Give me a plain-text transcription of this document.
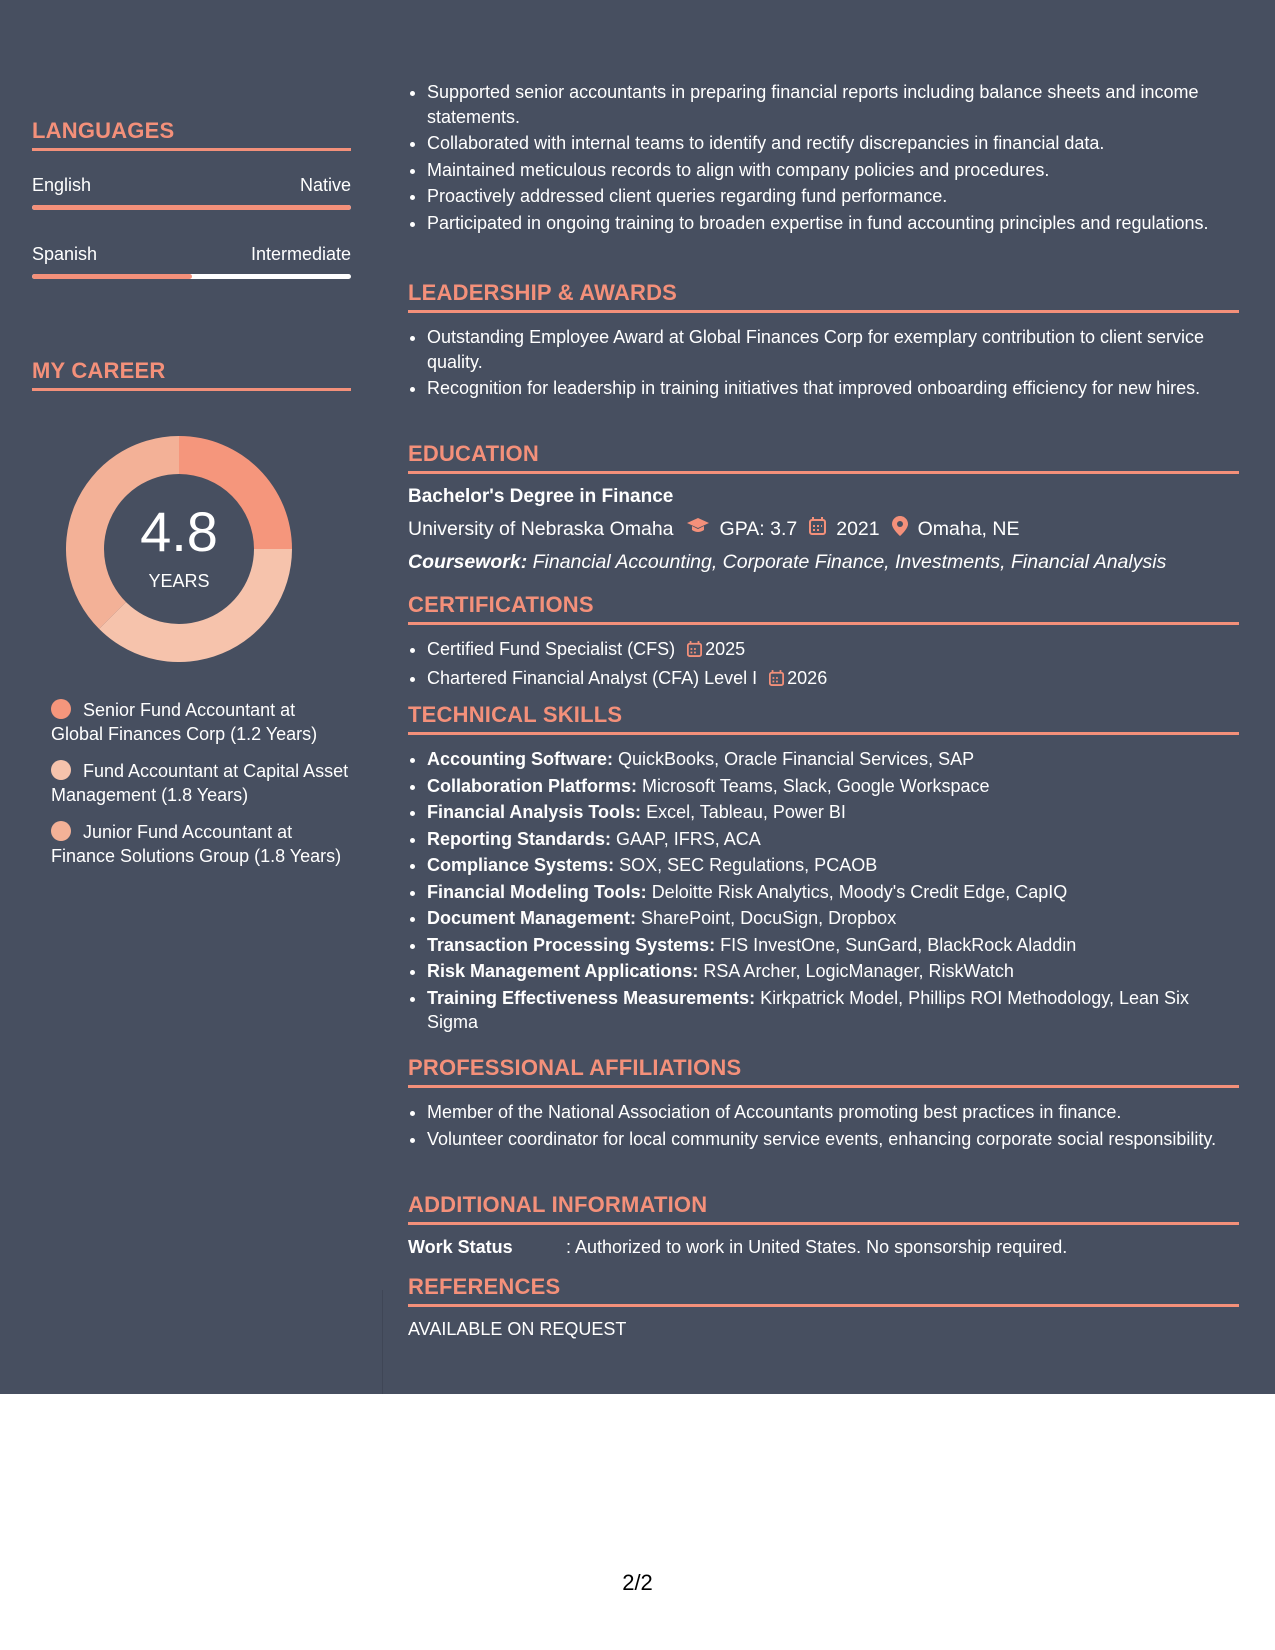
LANGUAGES
English	Native
Spanish	Intermediate
MY CAREER
4.8
YEARS
Senior Fund Accountant at Global Finances Corp (1.2 Years)
Fund Accountant at Capital Asset Management (1.8 Years)
Junior Fund Accountant at Finance Solutions Group (1.8 Years)
• Supported senior accountants in preparing financial reports including balance sheets and income statements.
• Collaborated with internal teams to identify and rectify discrepancies in financial data.
• Maintained meticulous records to align with company policies and procedures.
• Proactively addressed client queries regarding fund performance.
• Participated in ongoing training to broaden expertise in fund accounting principles and regulations.
LEADERSHIP & AWARDS
• Outstanding Employee Award at Global Finances Corp for exemplary contribution to client service quality.
• Recognition for leadership in training initiatives that improved onboarding efficiency for new hires.
EDUCATION
Bachelor's Degree in Finance
University of Nebraska Omaha GPA: 3.7 2021 Omaha, NE
Coursework: Financial Accounting, Corporate Finance, Investments, Financial Analysis
CERTIFICATIONS
• Certified Fund Specialist (CFS) 2025
• Chartered Financial Analyst (CFA) Level I 2026
TECHNICAL SKILLS
• Accounting Software: QuickBooks, Oracle Financial Services, SAP
• Collaboration Platforms: Microsoft Teams, Slack, Google Workspace
• Financial Analysis Tools: Excel, Tableau, Power BI
• Reporting Standards: GAAP, IFRS, ACA
• Compliance Systems: SOX, SEC Regulations, PCAOB
• Financial Modeling Tools: Deloitte Risk Analytics, Moody's Credit Edge, CapIQ
• Document Management: SharePoint, DocuSign, Dropbox
• Transaction Processing Systems: FIS InvestOne, SunGard, BlackRock Aladdin
• Risk Management Applications: RSA Archer, LogicManager, RiskWatch
• Training Effectiveness Measurements: Kirkpatrick Model, Phillips ROI Methodology, Lean Six Sigma
PROFESSIONAL AFFILIATIONS
• Member of the National Association of Accountants promoting best practices in finance.
• Volunteer coordinator for local community service events, enhancing corporate social responsibility.
ADDITIONAL INFORMATION
Work Status	: Authorized to work in United States. No sponsorship required.
REFERENCES
AVAILABLE ON REQUEST
2/2
